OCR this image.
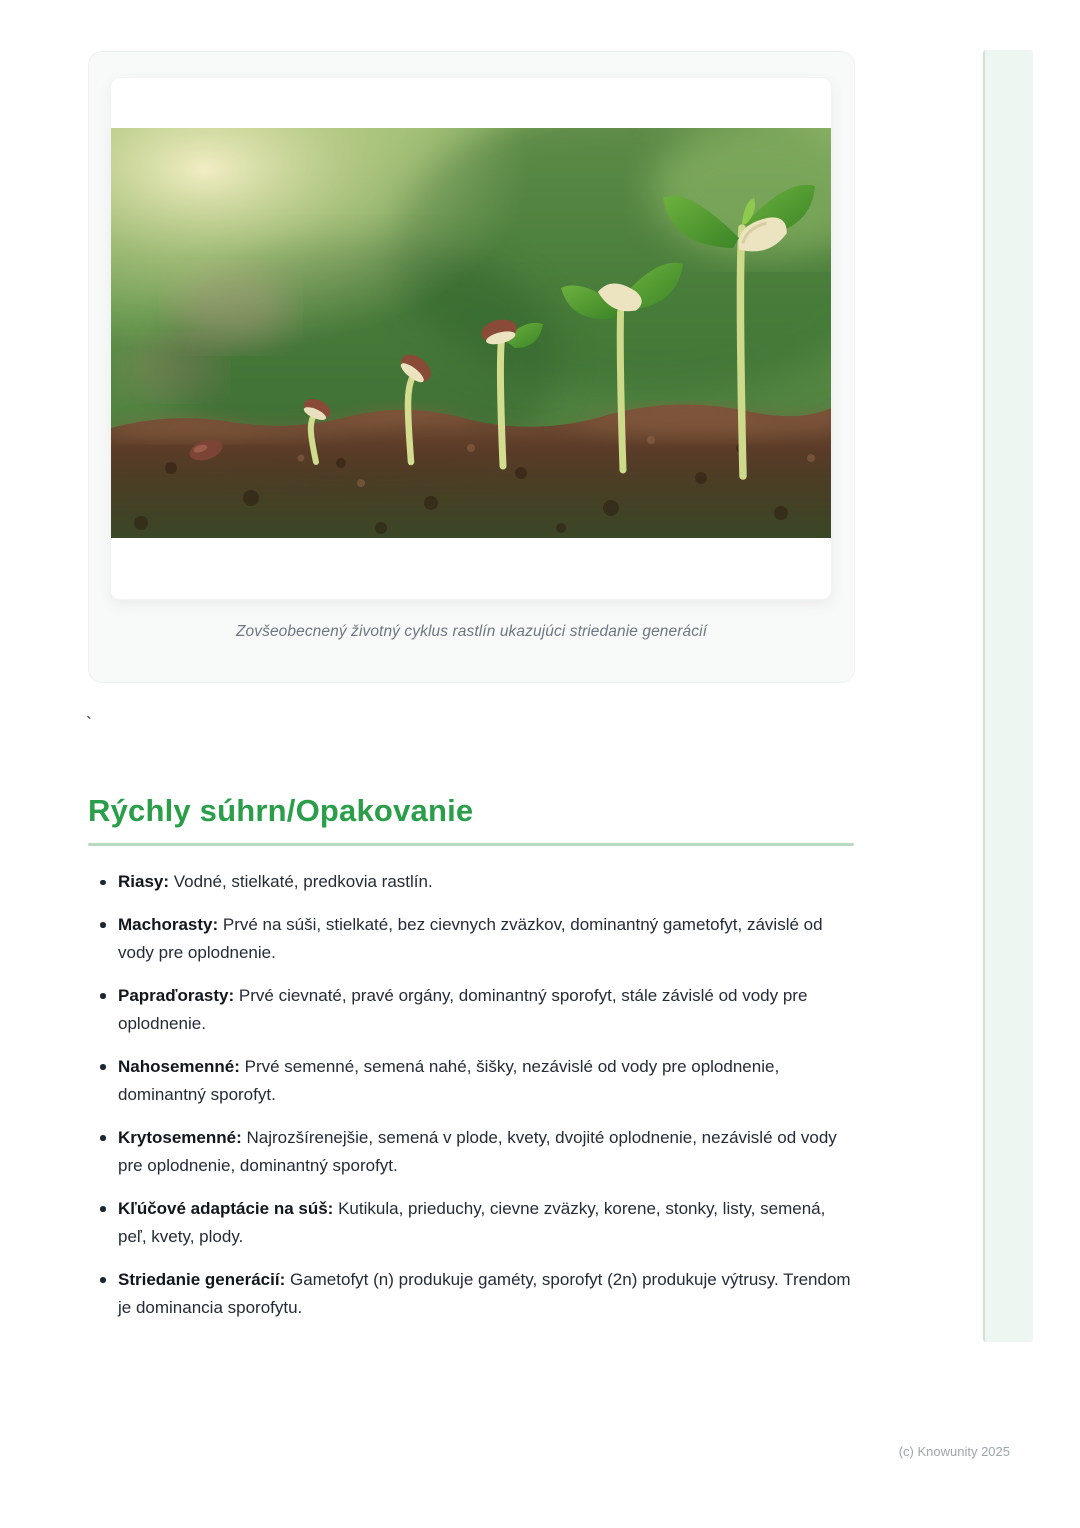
Zovšeobecnený životný cyklus rastlín ukazujúci striedanie generácií
`
Rýchly súhrn/Opakovanie
Riasy: Vodné, stielkaté, predkovia rastlín.
Machorasty: Prvé na súši, stielkaté, bez cievnych zväzkov, dominantný gametofyt, závislé od vody pre oplodnenie.
Papraďorasty: Prvé cievnaté, pravé orgány, dominantný sporofyt, stále závislé od vody pre oplodnenie.
Nahosemenné: Prvé semenné, semená nahé, šišky, nezávislé od vody pre oplodnenie, dominantný sporofyt.
Krytosemenné: Najrozšírenejšie, semená v plode, kvety, dvojité oplodnenie, nezávislé od vody pre oplodnenie, dominantný sporofyt.
Kľúčové adaptácie na súš: Kutikula, prieduchy, cievne zväzky, korene, stonky, listy, semená, peľ, kvety, plody.
Striedanie generácií: Gametofyt (n) produkuje gaméty, sporofyt (2n) produkuje výtrusy. Trendom je dominancia sporofytu.
(c) Knowunity 2025
